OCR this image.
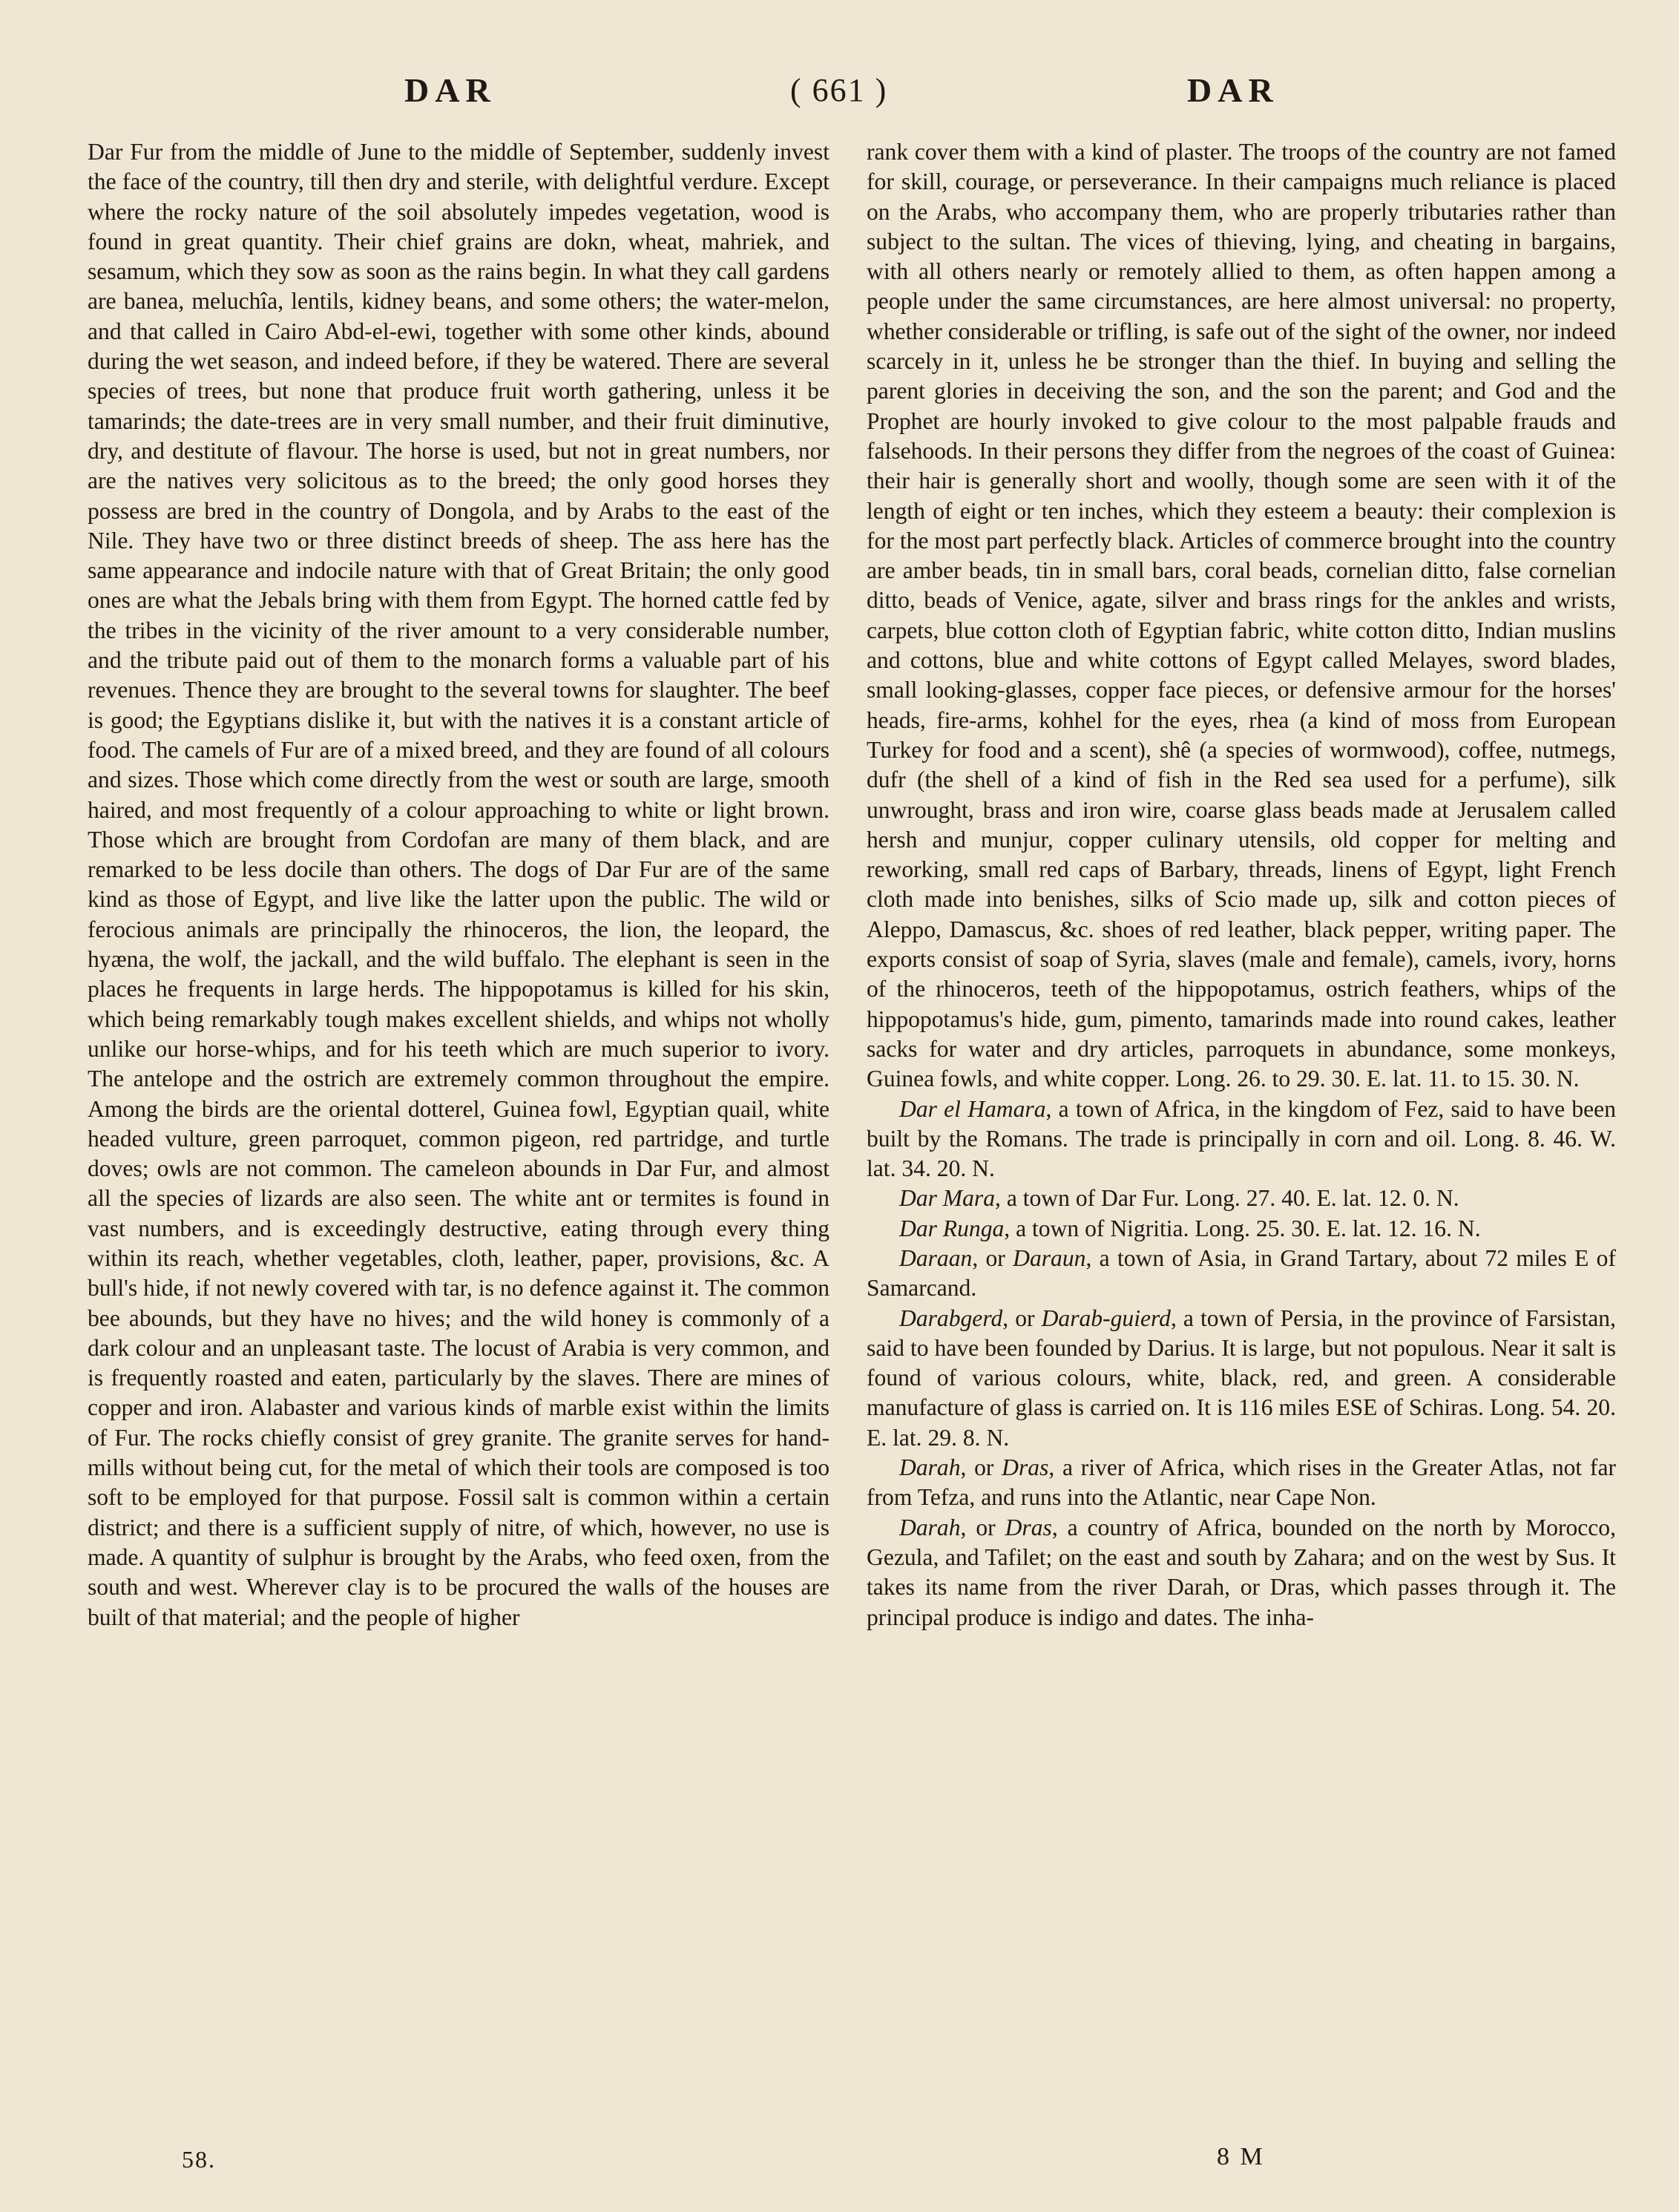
DAR	( 661 )	DAR

Dar Fur from the middle of June to the middle of September, suddenly invest the face of the country, till then dry and sterile, with delightful verdure. Except where the rocky nature of the soil absolutely impedes vegetation, wood is found in great quantity. Their chief grains are dokn, wheat, mahriek, and sesamum, which they sow as soon as the rains begin. In what they call gardens are banea, meluchîa, lentils, kidney beans, and some others; the water-melon, and that called in Cairo Abd-el-ewi, together with some other kinds, abound during the wet season, and indeed before, if they be watered. There are several species of trees, but none that produce fruit worth gathering, unless it be tamarinds; the date-trees are in very small number, and their fruit diminutive, dry, and destitute of flavour. The horse is used, but not in great numbers, nor are the natives very solicitous as to the breed; the only good horses they possess are bred in the country of Dongola, and by Arabs to the east of the Nile. They have two or three distinct breeds of sheep. The ass here has the same appearance and indocile nature with that of Great Britain; the only good ones are what the Jebals bring with them from Egypt. The horned cattle fed by the tribes in the vicinity of the river amount to a very considerable number, and the tribute paid out of them to the monarch forms a valuable part of his revenues. Thence they are brought to the several towns for slaughter. The beef is good; the Egyptians dislike it, but with the natives it is a constant article of food. The camels of Fur are of a mixed breed, and they are found of all colours and sizes. Those which come directly from the west or south are large, smooth haired, and most frequently of a colour approaching to white or light brown. Those which are brought from Cordofan are many of them black, and are remarked to be less docile than others. The dogs of Dar Fur are of the same kind as those of Egypt, and live like the latter upon the public. The wild or ferocious animals are principally the rhinoceros, the lion, the leopard, the hyæna, the wolf, the jackall, and the wild buffalo. The elephant is seen in the places he frequents in large herds. The hippopotamus is killed for his skin, which being remarkably tough makes excellent shields, and whips not wholly unlike our horse-whips, and for his teeth which are much superior to ivory. The antelope and the ostrich are extremely common throughout the empire. Among the birds are the oriental dotterel, Guinea fowl, Egyptian quail, white headed vulture, green parroquet, common pigeon, red partridge, and turtle doves; owls are not common. The cameleon abounds in Dar Fur, and almost all the species of lizards are also seen. The white ant or termites is found in vast numbers, and is exceedingly destructive, eating through every thing within its reach, whether vegetables, cloth, leather, paper, provisions, &c. A bull's hide, if not newly covered with tar, is no defence against it. The common bee abounds, but they have no hives; and the wild honey is commonly of a dark colour and an unpleasant taste. The locust of Arabia is very common, and is frequently roasted and eaten, particularly by the slaves. There are mines of copper and iron. Alabaster and various kinds of marble exist within the limits of Fur. The rocks chiefly consist of grey granite. The granite serves for hand-mills without being cut, for the metal of which their tools are composed is too soft to be employed for that purpose. Fossil salt is common within a certain district; and there is a sufficient supply of nitre, of which, however, no use is made. A quantity of sulphur is brought by the Arabs, who feed oxen, from the south and west. Wherever clay is to be procured the walls of the houses are built of that material; and the people of higher

rank cover them with a kind of plaster. The troops of the country are not famed for skill, courage, or perseverance. In their campaigns much reliance is placed on the Arabs, who accompany them, who are properly tributaries rather than subject to the sultan. The vices of thieving, lying, and cheating in bargains, with all others nearly or remotely allied to them, as often happen among a people under the same circumstances, are here almost universal: no property, whether considerable or trifling, is safe out of the sight of the owner, nor indeed scarcely in it, unless he be stronger than the thief. In buying and selling the parent glories in deceiving the son, and the son the parent; and God and the Prophet are hourly invoked to give colour to the most palpable frauds and falsehoods. In their persons they differ from the negroes of the coast of Guinea: their hair is generally short and woolly, though some are seen with it of the length of eight or ten inches, which they esteem a beauty: their complexion is for the most part perfectly black. Articles of commerce brought into the country are amber beads, tin in small bars, coral beads, cornelian ditto, false cornelian ditto, beads of Venice, agate, silver and brass rings for the ankles and wrists, carpets, blue cotton cloth of Egyptian fabric, white cotton ditto, Indian muslins and cottons, blue and white cottons of Egypt called Melayes, sword blades, small looking-glasses, copper face pieces, or defensive armour for the horses' heads, fire-arms, kohhel for the eyes, rhea (a kind of moss from European Turkey for food and a scent), shê (a species of wormwood), coffee, nutmegs, dufr (the shell of a kind of fish in the Red sea used for a perfume), silk unwrought, brass and iron wire, coarse glass beads made at Jerusalem called hersh and munjur, copper culinary utensils, old copper for melting and reworking, small red caps of Barbary, threads, linens of Egypt, light French cloth made into benishes, silks of Scio made up, silk and cotton pieces of Aleppo, Damascus, &c. shoes of red leather, black pepper, writing paper. The exports consist of soap of Syria, slaves (male and female), camels, ivory, horns of the rhinoceros, teeth of the hippopotamus, ostrich feathers, whips of the hippopotamus's hide, gum, pimento, tamarinds made into round cakes, leather sacks for water and dry articles, parroquets in abundance, some monkeys, Guinea fowls, and white copper. Long. 26. to 29. 30. E. lat. 11. to 15. 30. N.

Dar el Hamara, a town of Africa, in the kingdom of Fez, said to have been built by the Romans. The trade is principally in corn and oil. Long. 8. 46. W. lat. 34. 20. N.

Dar Mara, a town of Dar Fur. Long. 27. 40. E. lat. 12. 0. N.

Dar Runga, a town of Nigritia. Long. 25. 30. E. lat. 12. 16. N.

Daraan, or Daraun, a town of Asia, in Grand Tartary, about 72 miles E of Samarcand.

Darabgerd, or Darab-guierd, a town of Persia, in the province of Farsistan, said to have been founded by Darius. It is large, but not populous. Near it salt is found of various colours, white, black, red, and green. A considerable manufacture of glass is carried on. It is 116 miles ESE of Schiras. Long. 54. 20. E. lat. 29. 8. N.

Darah, or Dras, a river of Africa, which rises in the Greater Atlas, not far from Tefza, and runs into the Atlantic, near Cape Non.

Darah, or Dras, a country of Africa, bounded on the north by Morocco, Gezula, and Tafilet; on the east and south by Zahara; and on the west by Sus. It takes its name from the river Darah, or Dras, which passes through it. The principal produce is indigo and dates. The inha-

58.	8 M
